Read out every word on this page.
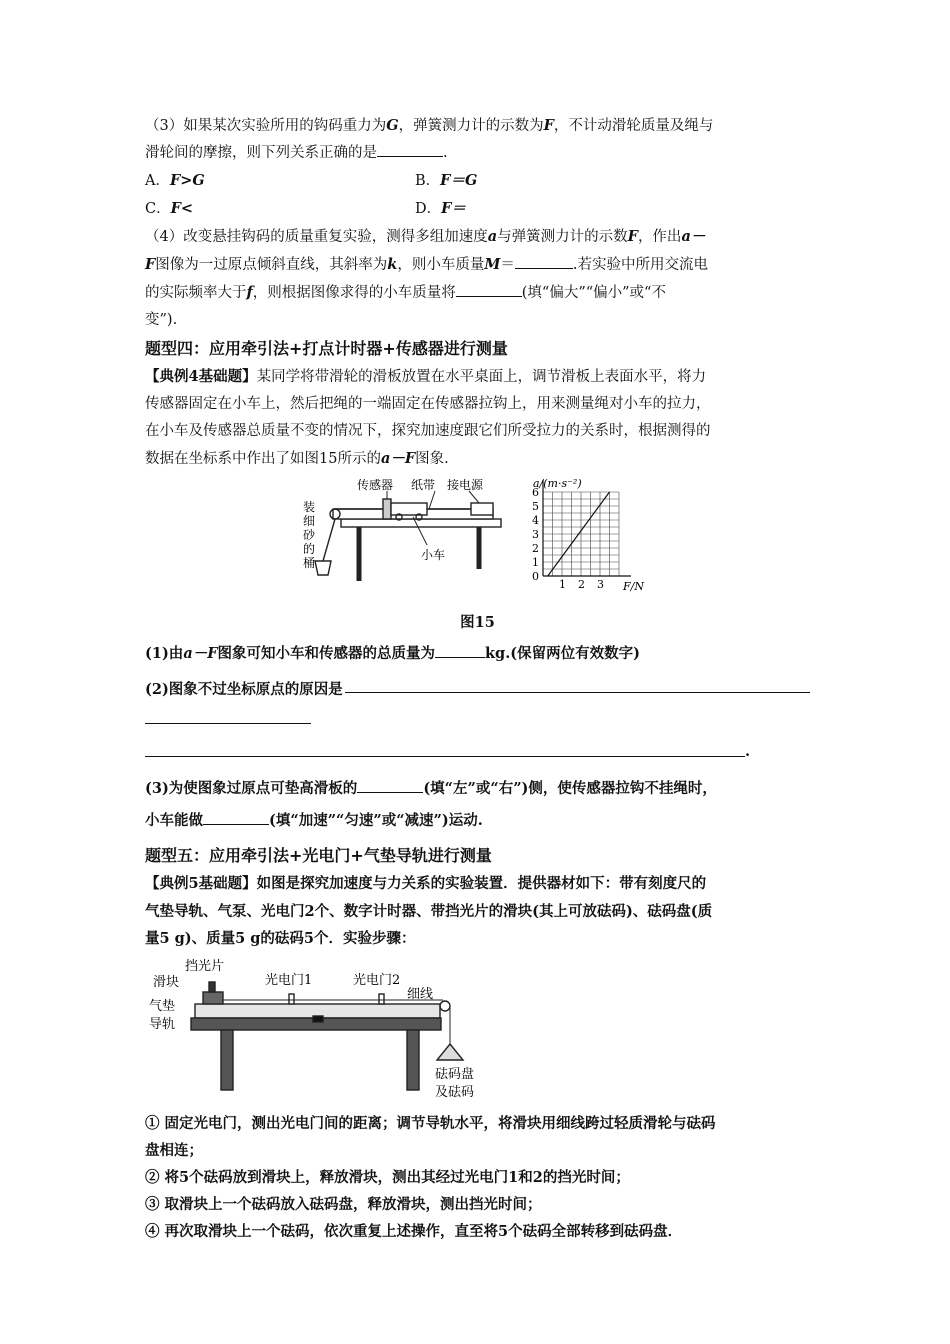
（3）如果某次实验所用的钩码重力为G，弹簧测力计的示数为F，不计动滑轮质量及绳与

滑轮间的摩擦，则下列关系正确的是	.

A．F>G	B．F＝G
C．F<	D．F＝

（4）改变悬挂钩码的质量重复实验，测得多组加速度a与弹簧测力计的示数F，作出a－

F图像为一过原点倾斜直线，其斜率为k，则小车质量M＝	.若实验中所用交流电

的实际频率大于f，则根据图像求得的小车质量将	(填“偏大”“偏小”或“不

变”).

题型四：应用牵引法+打点计时器+传感器进行测量

【典例4基础题】某同学将带滑轮的滑板放置在水平桌面上，调节滑板上表面水平，将力

传感器固定在小车上，然后把绳的一端固定在传感器拉钩上，用来测量绳对小车的拉力，

在小车及传感器总质量不变的情况下，探究加速度跟它们所受拉力的关系时，根据测得的

数据在坐标系中作出了如图15所示的a－F图象.

传感器 纸带 接电源
小车
装
细
砂
的
桶
1 2 3
0
1
2
3
4
5
6
a/(m·s⁻²)
F/N

图15

(1)由a－F图象可知小车和传感器的总质量为	kg.(保留两位有效数字)

(2)图象不过坐标原点的原因是

.

(3)为使图象过原点可垫高滑板的	(填“左”或“右”)侧，使传感器拉钩不挂绳时，

小车能做	(填“加速”“匀速”或“减速”)运动.

题型五：应用牵引法+光电门+气垫导轨进行测量

【典例5基础题】如图是探究加速度与力关系的实验装置．提供器材如下：带有刻度尺的

气垫导轨、气泵、光电门2个、数字计时器、带挡光片的滑块(其上可放砝码)、砝码盘(质

量5 g)、质量5 g的砝码5个．实验步骤：

挡光片
滑块	光电门1	光电门2
细线
气垫
导轨
砝码盘
及砝码

① 固定光电门，测出光电门间的距离；调节导轨水平，将滑块用细线跨过轻质滑轮与砝码

盘相连；

② 将5个砝码放到滑块上，释放滑块，测出其经过光电门1和2的挡光时间；

③ 取滑块上一个砝码放入砝码盘，释放滑块，测出挡光时间；

④ 再次取滑块上一个砝码，依次重复上述操作，直至将5个砝码全部转移到砝码盘．
